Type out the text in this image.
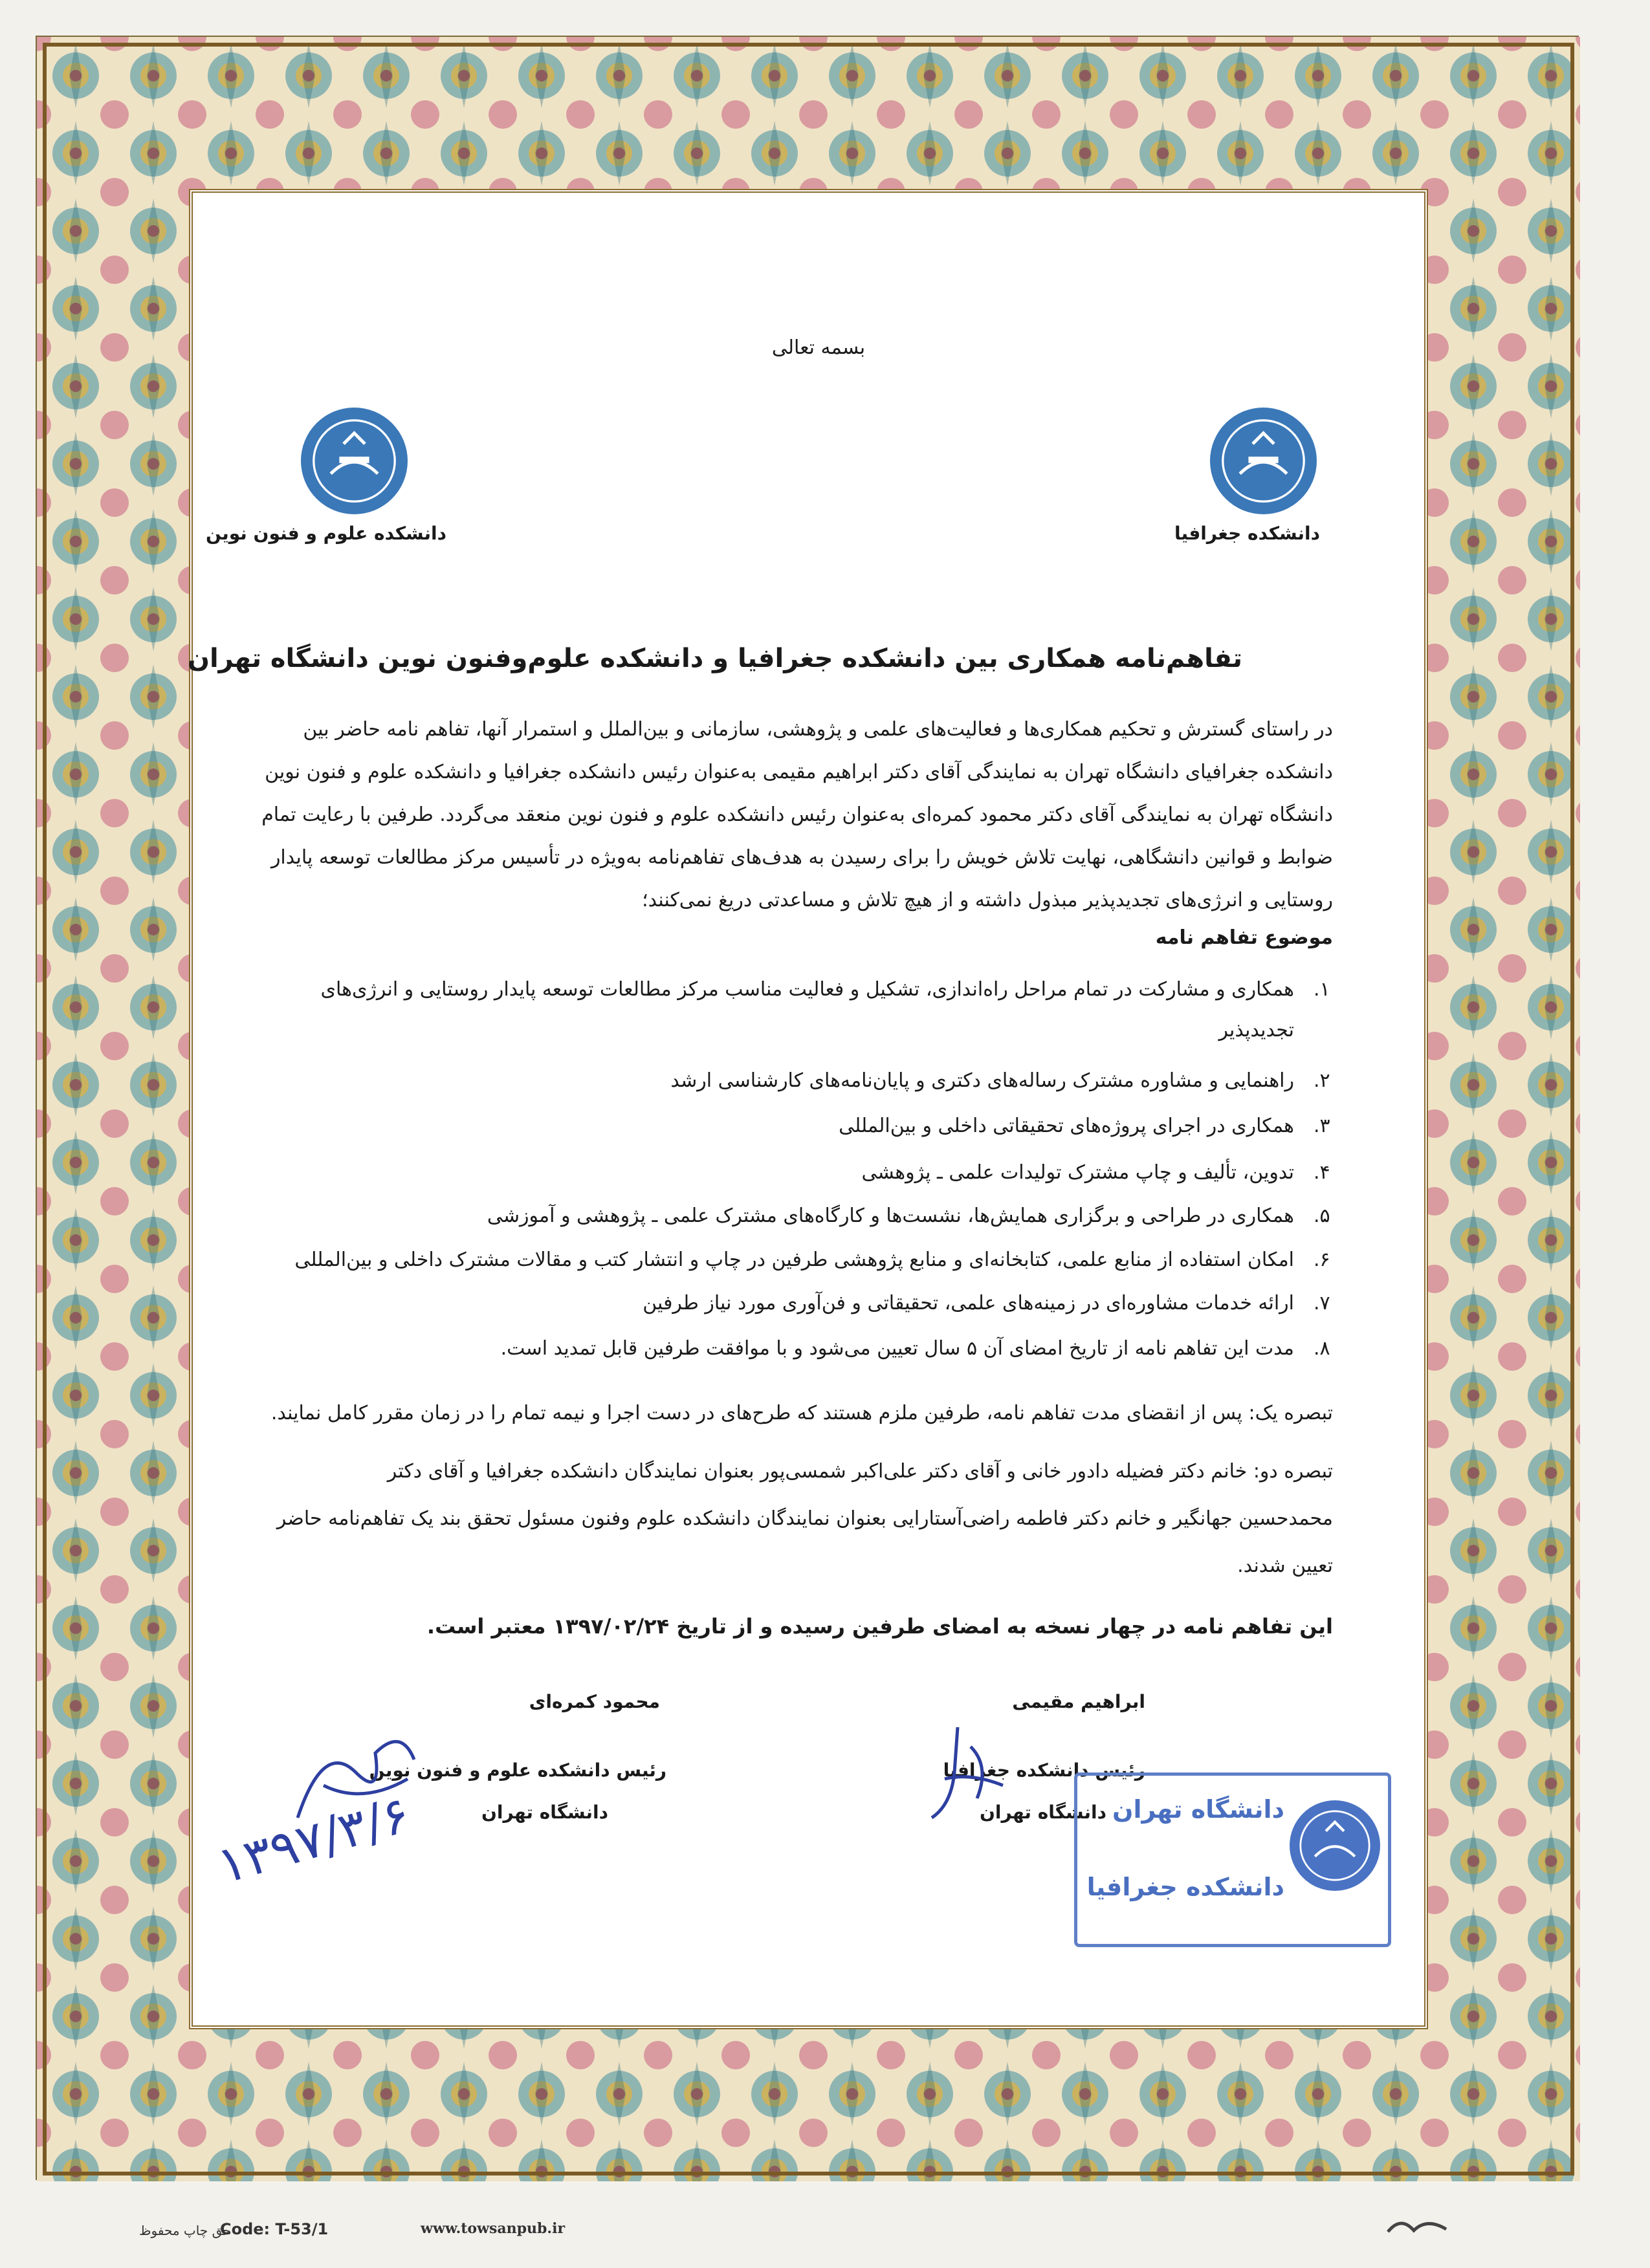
بسمه تعالی
دانشکده جغرافیا
دانشکده علوم و فنون نوین
تفاهم‌نامه همکاری بین دانشکده جغرافیا و دانشکده علوم‌وفنون نوین دانشگاه تهران
در راستای گسترش و تحکیم همکاری‌ها و فعالیت‌های علمی و پژوهشی، سازمانی و بین‌الملل و استمرار آنها، تفاهم نامه حاضر بین
دانشکده جغرافیای دانشگاه تهران به نمایندگی آقای دکتر ابراهیم مقیمی به‌عنوان رئیس دانشکده جغرافیا و دانشکده علوم و فنون نوین
دانشگاه تهران به نمایندگی آقای دکتر محمود کمره‌ای به‌عنوان رئیس دانشکده علوم و فنون نوین منعقد می‌گردد. طرفین با رعایت تمام
ضوابط و قوانین دانشگاهی، نهایت تلاش خویش را برای رسیدن به هدف‌های تفاهم‌نامه به‌ویژه در تأسیس مرکز مطالعات توسعه پایدار
روستایی و انرژی‌های تجدیدپذیر مبذول داشته و از هیچ تلاش و مساعدتی دریغ نمی‌کنند؛
موضوع تفاهم نامه
۱.
همکاری و مشارکت در تمام مراحل راه‌اندازی، تشکیل و فعالیت مناسب مرکز مطالعات توسعه پایدار روستایی و انرژی‌های
تجدیدپذیر
۲.
راهنمایی و مشاوره مشترک رساله‌های دکتری و پایان‌نامه‌های کارشناسی ارشد
۳.
همکاری در اجرای پروژه‌های تحقیقاتی داخلی و بین‌المللی
۴.
تدوین، تألیف و چاپ مشترک تولیدات علمی ـ پژوهشی
۵.
همکاری در طراحی و برگزاری همایش‌ها، نشست‌ها و کارگاه‌های مشترک علمی ـ پژوهشی و آموزشی
۶.
امکان استفاده از منابع علمی، کتابخانه‌ای و منابع پژوهشی طرفین در چاپ و انتشار کتب و مقالات مشترک داخلی و بین‌المللی
۷.
ارائه خدمات مشاوره‌ای در زمینه‌های علمی، تحقیقاتی و فن‌آوری مورد نیاز طرفین
۸.
مدت این تفاهم نامه از تاریخ امضای آن ۵ سال تعیین می‌شود و با موافقت طرفین قابل تمدید است.
تبصره یک: پس از انقضای مدت تفاهم نامه، طرفین ملزم هستند که طرح‌های در دست اجرا و نیمه تمام را در زمان مقرر کامل نمایند.
تبصره دو: خانم دکتر فضیله دادور خانی و آقای دکتر علی‌اکبر شمسی‌پور بعنوان نمایندگان دانشکده جغرافیا و آقای دکتر
محمدحسین جهانگیر و خانم دکتر فاطمه راضی‌آستارایی بعنوان نمایندگان دانشکده علوم وفنون مسئول تحقق بند یک تفاهم‌نامه حاضر
تعیین شدند.
این تفاهم نامه در چهار نسخه به امضای طرفین رسیده و از تاریخ ۱۳۹۷/۰۲/۲۴ معتبر است.
ابراهیم مقیمی
رئیس دانشکده جغرافیا
دانشگاه تهران
محمود کمره‌ای
رئیس دانشکده علوم و فنون نوین
دانشگاه تهران
۱۳۹۷/۳/۶	دانشگاه تهران
دانشکده جغرافیا
حق چاپ محفوظ
Code: T-53/1	www.towsanpub.ir
